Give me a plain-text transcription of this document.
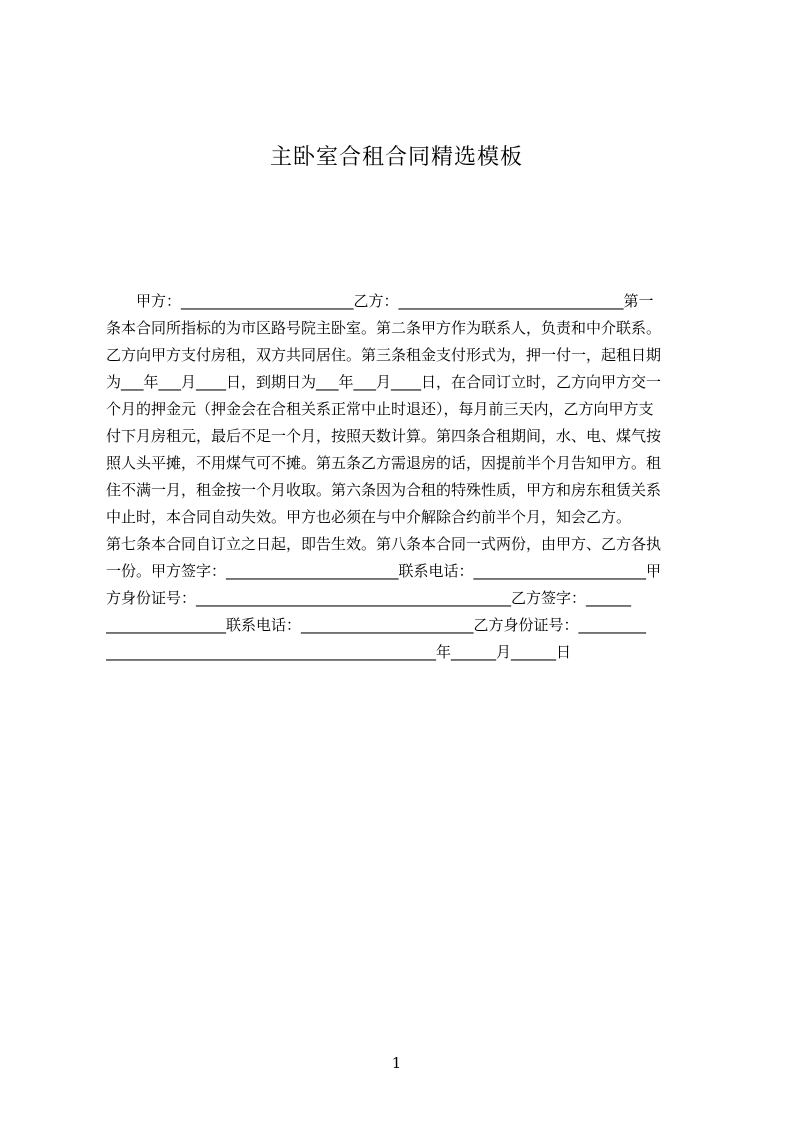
主卧室合租合同精选模板
甲方：_______________________乙方：______________________________第一
条本合同所指标的为市区路号院主卧室。第二条甲方作为联系人，负责和中介联系。
乙方向甲方支付房租，双方共同居住。第三条租金支付形式为，押一付一，起租日期
为___年___月____日，到期日为___年___月____日，在合同订立时，乙方向甲方交一
个月的押金元（押金会在合租关系正常中止时退还），每月前三天内，乙方向甲方支
付下月房租元，最后不足一个月，按照天数计算。第四条合租期间，水、电、煤气按
照人头平摊，不用煤气可不摊。第五条乙方需退房的话，因提前半个月告知甲方。租
住不满一月，租金按一个月收取。第六条因为合租的特殊性质，甲方和房东租赁关系
中止时，本合同自动失效。甲方也必须在与中介解除合约前半个月，知会乙方。
第七条本合同自订立之日起，即告生效。第八条本合同一式两份，由甲方、乙方各执
一份。甲方签字：_______________________联系电话：_______________________甲
方身份证号：__________________________________________乙方签字：______
________________联系电话：_______________________乙方身份证号：_________
____________________________________________年______月______日
1
